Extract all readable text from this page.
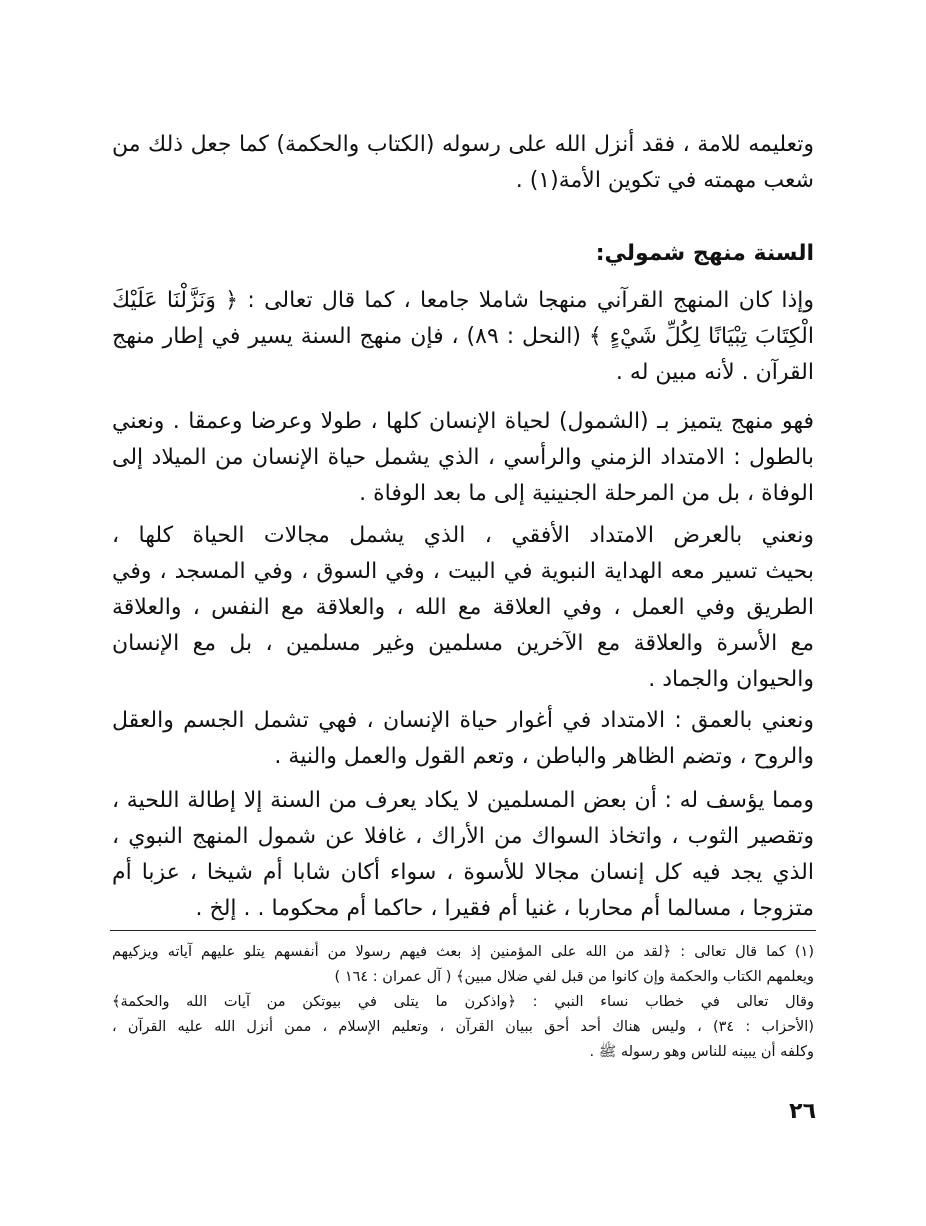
وتعليمه للامة ، فقد أنزل الله على رسوله (الكتاب والحكمة) كما جعل ذلك من
شعب مهمته في تكوين الأمة(١) .

السنة منهج شمولي:

وإذا كان المنهج القرآني منهجا شاملا جامعا ، كما قال تعالى : ﴿ وَنَزَّلْنَا عَلَيْكَ
الْكِتَابَ تِبْيَانًا لِكُلِّ شَيْءٍ ﴾ (النحل : ٨٩) ، فإن منهج السنة يسير في إطار منهج
القرآن . لأنه مبين له .

فهو منهج يتميز بـ (الشمول) لحياة الإنسان كلها ، طولا وعرضا وعمقا . ونعني
بالطول : الامتداد الزمني والرأسي ، الذي يشمل حياة الإنسان من الميلاد إلى
الوفاة ، بل من المرحلة الجنينية إلى ما بعد الوفاة .

ونعني بالعرض الامتداد الأفقي ، الذي يشمل مجالات الحياة كلها ،
بحيث تسير معه الهداية النبوية في البيت ، وفي السوق ، وفي المسجد ، وفي
الطريق وفي العمل ، وفي العلاقة مع الله ، والعلاقة مع النفس ، والعلاقة
مع الأسرة والعلاقة مع الآخرين مسلمين وغير مسلمين ، بل مع الإنسان
والحيوان والجماد .

ونعني بالعمق : الامتداد في أغوار حياة الإنسان ، فهي تشمل الجسم والعقل
والروح ، وتضم الظاهر والباطن ، وتعم القول والعمل والنية .

ومما يؤسف له : أن بعض المسلمين لا يكاد يعرف من السنة إلا إطالة اللحية ،
وتقصير الثوب ، واتخاذ السواك من الأراك ، غافلا عن شمول المنهج النبوي ،
الذي يجد فيه كل إنسان مجالا للأسوة ، سواء أكان شابا أم شيخا ، عزبا أم
متزوجا ، مسالما أم محاربا ، غنيا أم فقيرا ، حاكما أم محكوما . . إلخ .

(١) كما قال تعالى : ﴿لقد من الله على المؤمنين إذ بعث فيهم رسولا من أنفسهم يتلو عليهم آياته ويزكيهم
ويعلمهم الكتاب والحكمة وإن كانوا من قبل لفي ضلال مبين﴾ ( آل عمران : ١٦٤ )
وقال تعالى في خطاب نساء النبي : ﴿واذكرن ما يتلى في بيوتكن من آيات الله والحكمة﴾
(الأحزاب : ٣٤) ، وليس هناك أحد أحق ببيان القرآن ، وتعليم الإسلام ، ممن أنزل الله عليه القرآن ،
وكلفه أن يبينه للناس وهو رسوله ﷺ .

٢٦
